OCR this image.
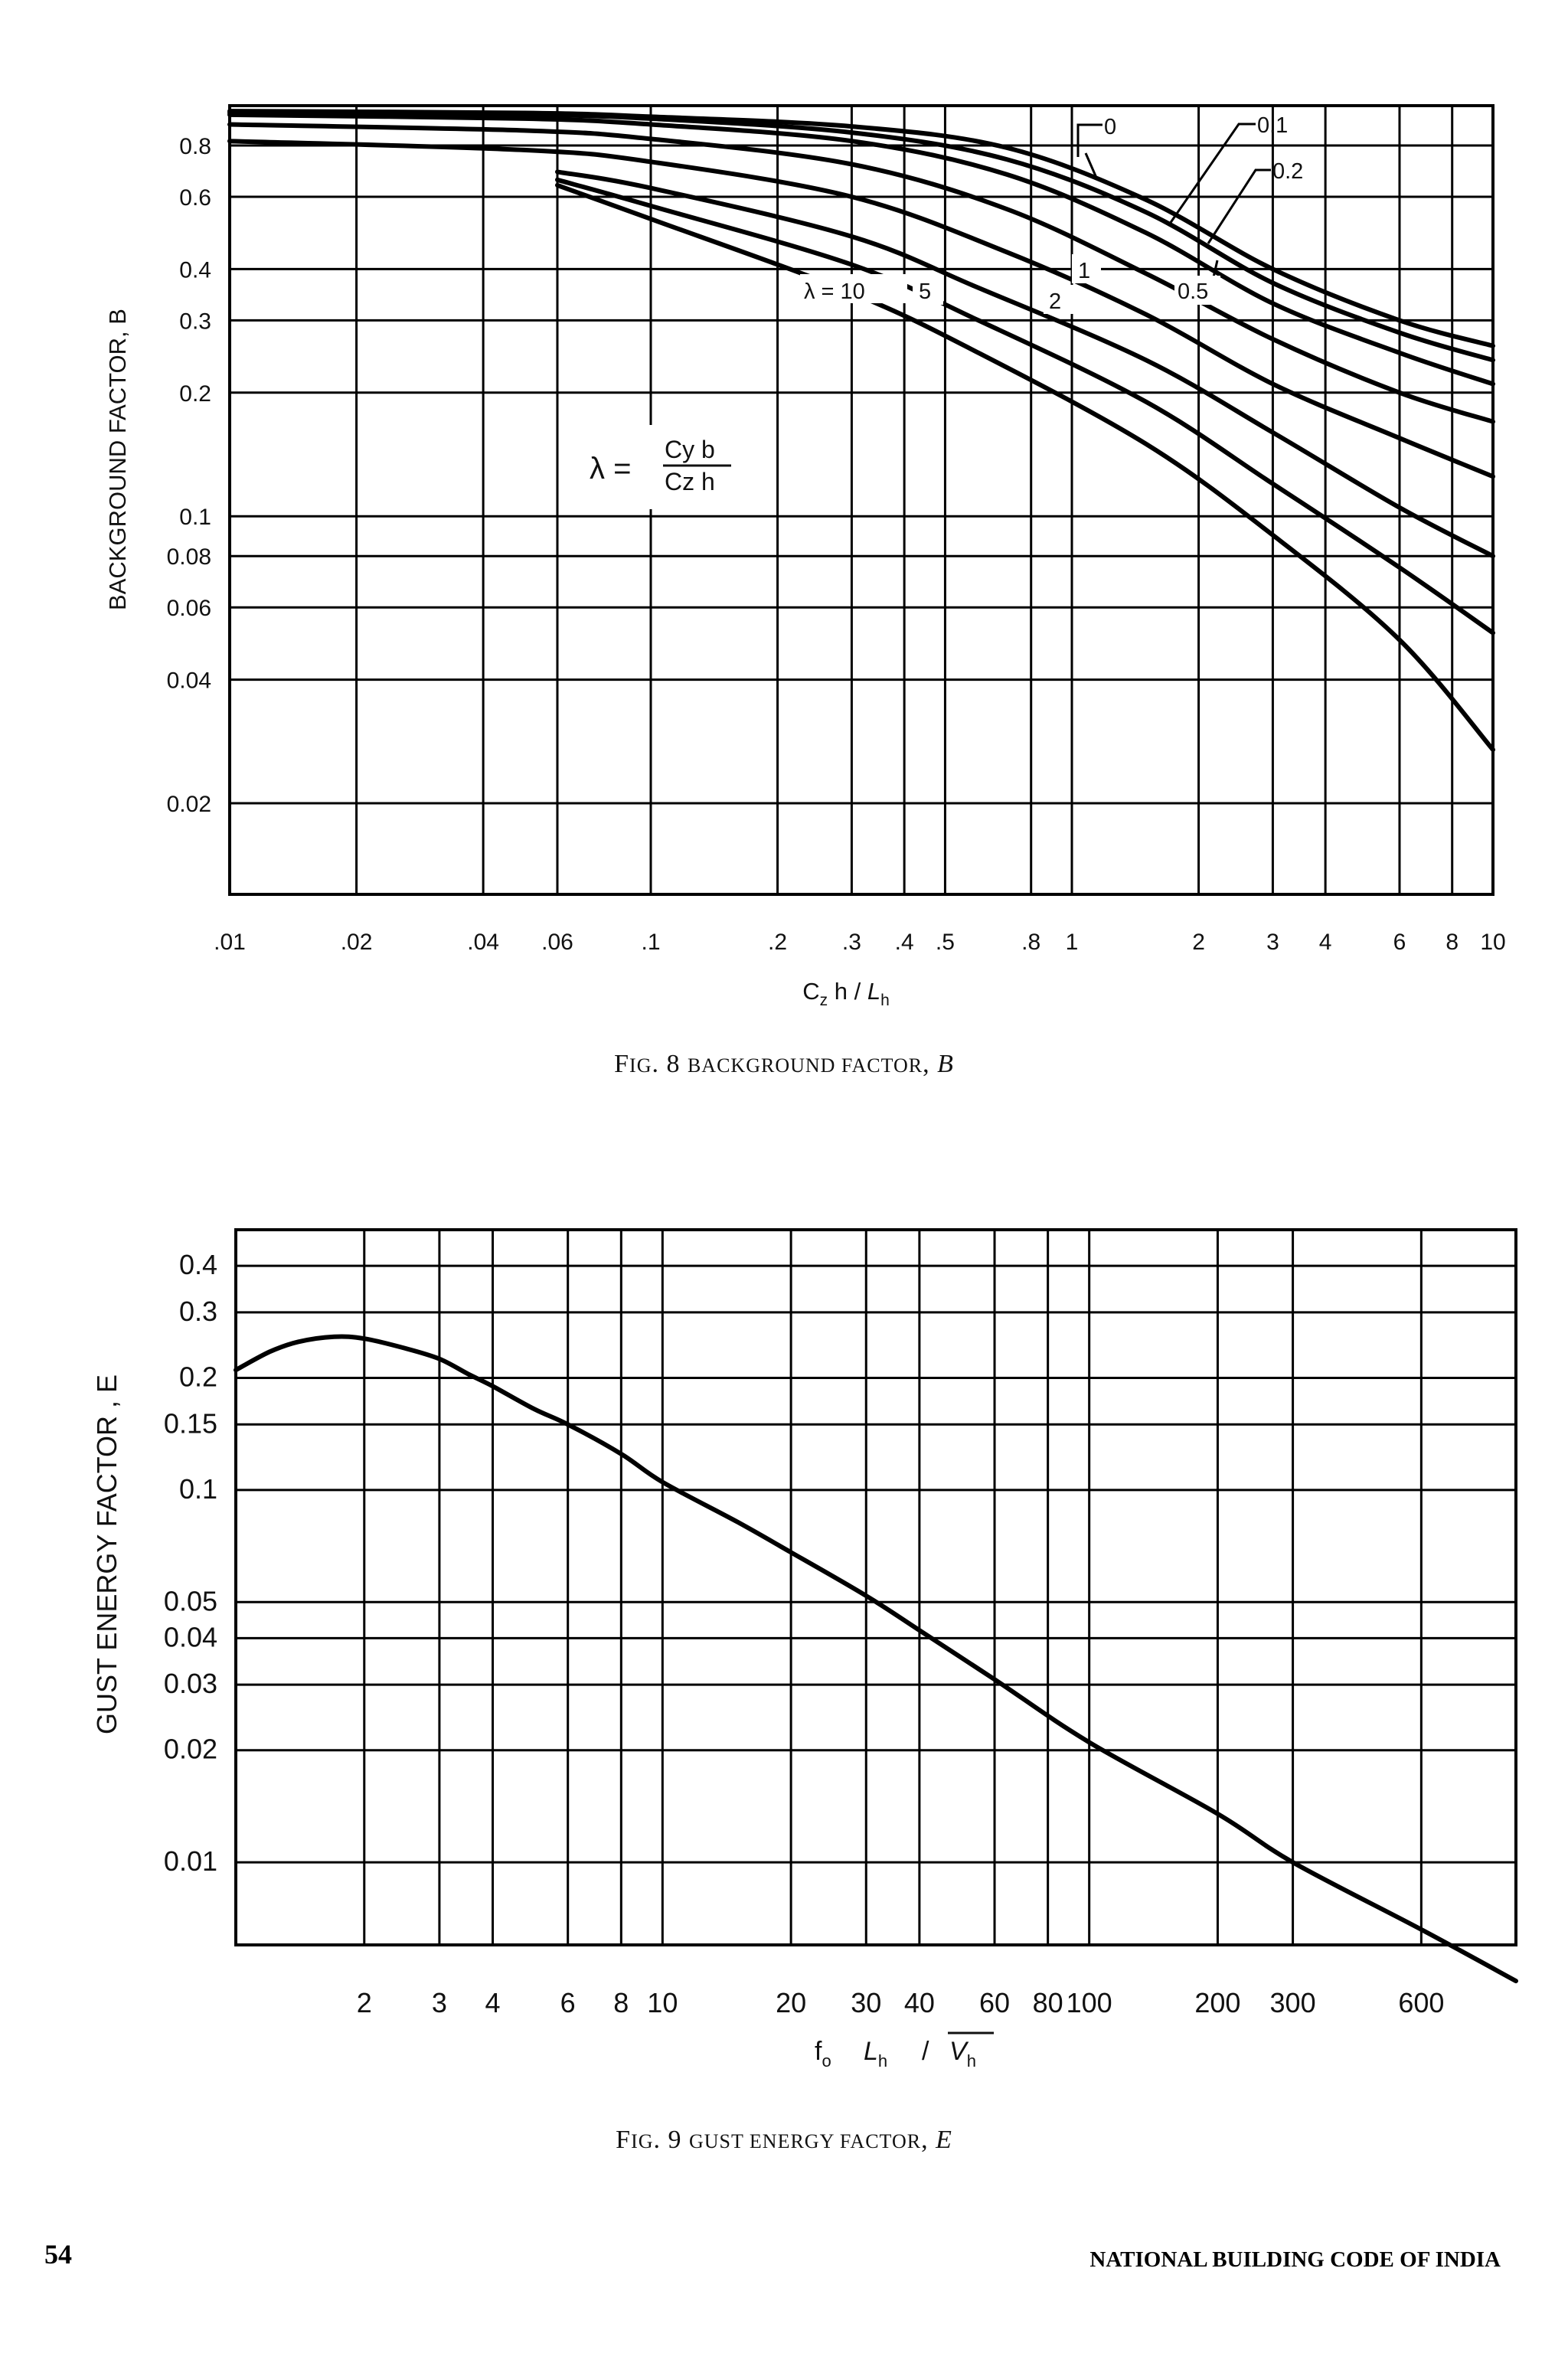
.01	.02	.04 .06	.1	.2 .3 .4 .5	.8 1	2	3 4	6 8 10
0.8
0.6
0.4
0.3
0.2
0.1
0.08
0.06
0.04
0.02
0	0.1
0.2
0.5
1
2
5
λ = 10
λ =
Cy b
Cz h
BACKGROUND FACTOR, B
$C_z$ h / $L_h$
FIG. 8 BACKGROUND FACTOR, B
2 3 4 6 8 10	20 30 40 60 80 100	200 300	600
0.4
0.3
0.2
0.15
0.1
0.05
0.04
0.03
0.02
0.01
GUST ENERGY FACTOR , E
$f_o$ $L_h / V_h$
FIG. 9 GUST ENERGY FACTOR, E
54	NATIONAL BUILDING CODE OF INDIA
